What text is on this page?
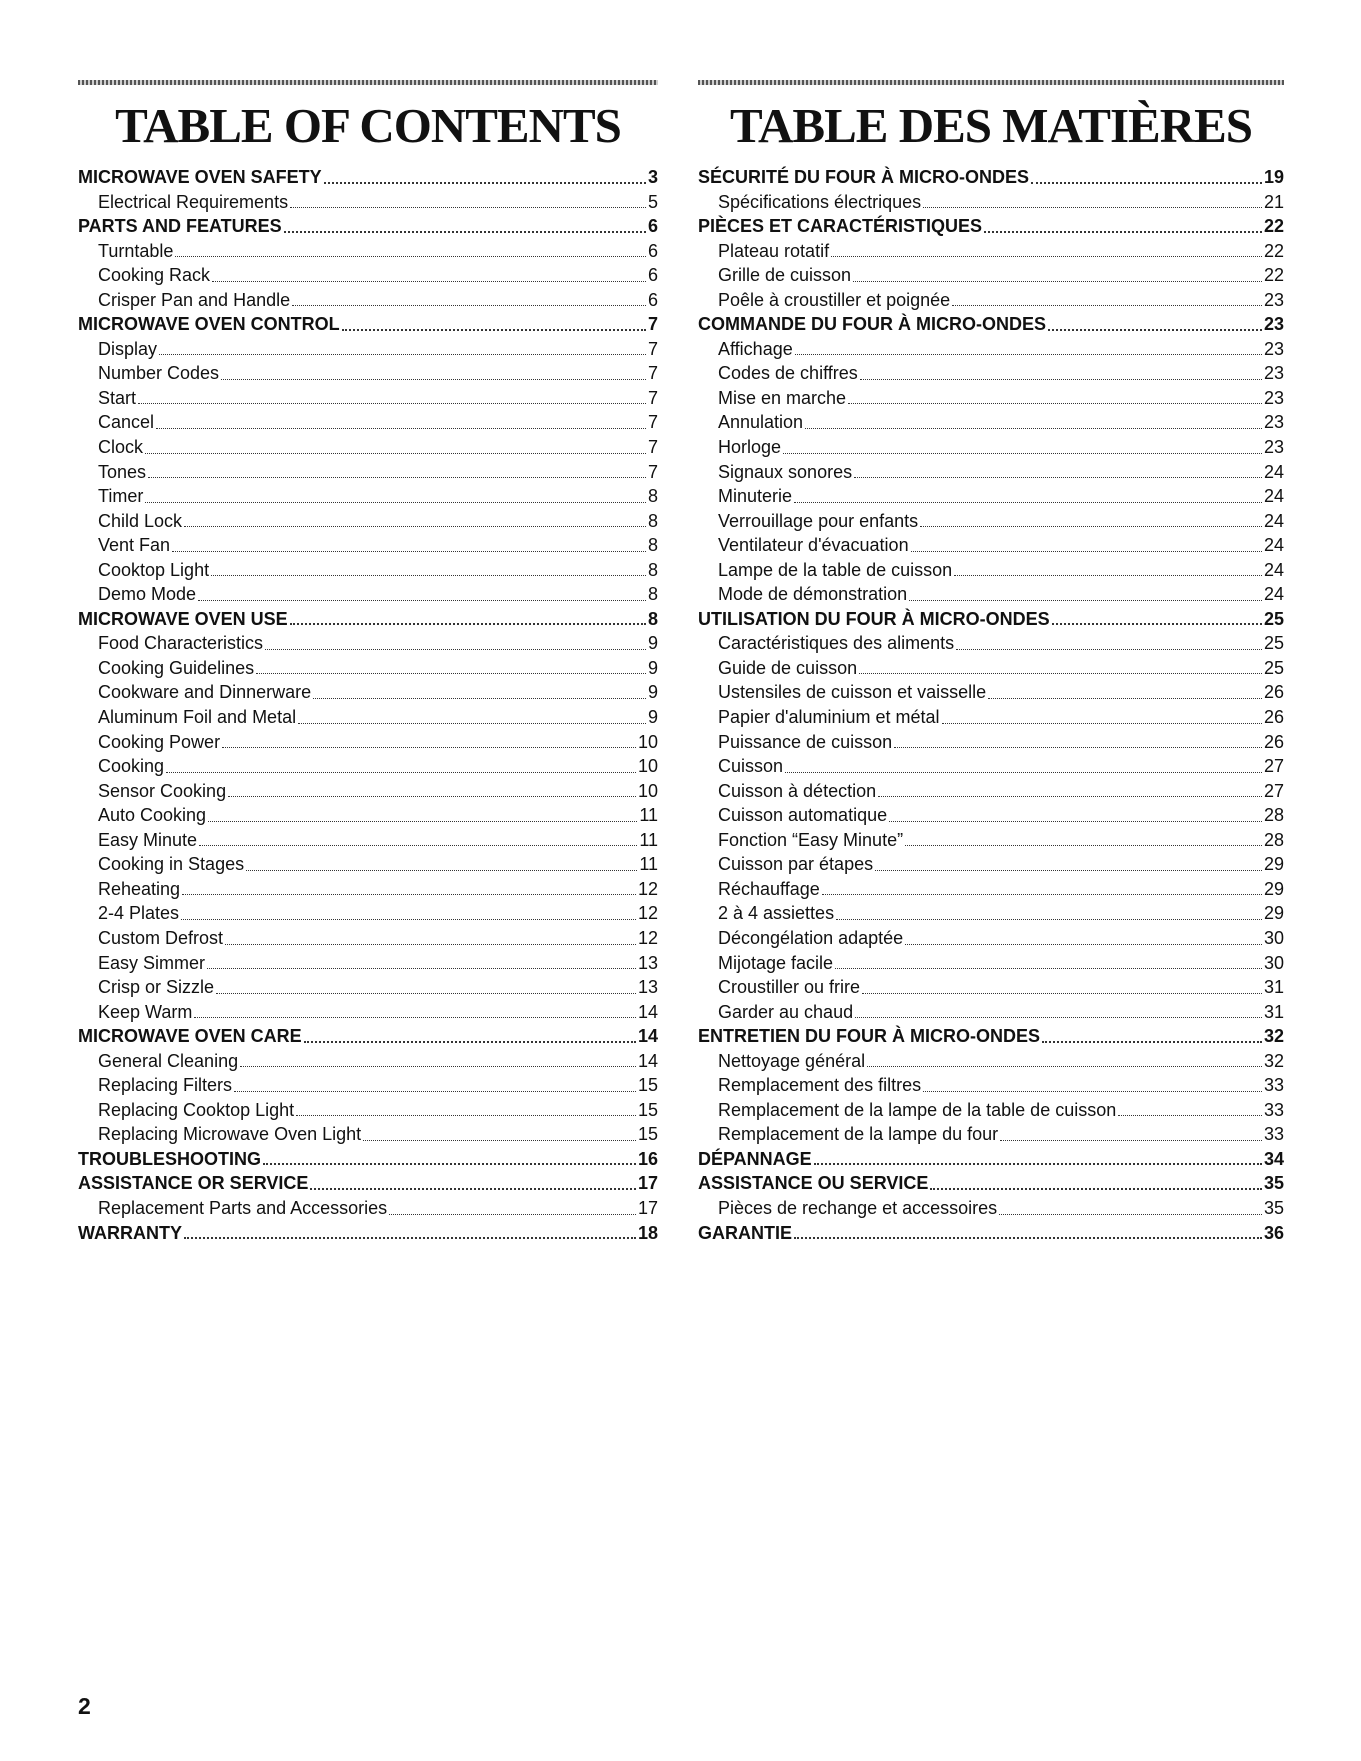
TABLE OF CONTENTS
MICROWAVE OVEN SAFETY	3
Electrical Requirements	5
PARTS AND FEATURES	6
Turntable	6
Cooking Rack	6
Crisper Pan and Handle	6
MICROWAVE OVEN CONTROL	7
Display	7
Number Codes	7
Start	7
Cancel	7
Clock	7
Tones	7
Timer	8
Child Lock	8
Vent Fan	8
Cooktop Light	8
Demo Mode	8
MICROWAVE OVEN USE	8
Food Characteristics	9
Cooking Guidelines	9
Cookware and Dinnerware	9
Aluminum Foil and Metal	9
Cooking Power	10
Cooking	10
Sensor Cooking	10
Auto Cooking	11
Easy Minute	11
Cooking in Stages	11
Reheating	12
2-4 Plates	12
Custom Defrost	12
Easy Simmer	13
Crisp or Sizzle	13
Keep Warm	14
MICROWAVE OVEN CARE	14
General Cleaning	14
Replacing Filters	15
Replacing Cooktop Light	15
Replacing Microwave Oven Light	15
TROUBLESHOOTING	16
ASSISTANCE OR SERVICE	17
Replacement Parts and Accessories	17
WARRANTY	18
TABLE DES MATIÈRES
SÉCURITÉ DU FOUR À MICRO-ONDES	19
Spécifications électriques	21
PIÈCES ET CARACTÉRISTIQUES	22
Plateau rotatif	22
Grille de cuisson	22
Poêle à croustiller et poignée	23
COMMANDE DU FOUR À MICRO-ONDES	23
Affichage	23
Codes de chiffres	23
Mise en marche	23
Annulation	23
Horloge	23
Signaux sonores	24
Minuterie	24
Verrouillage pour enfants	24
Ventilateur d'évacuation	24
Lampe de la table de cuisson	24
Mode de démonstration	24
UTILISATION DU FOUR À MICRO-ONDES	25
Caractéristiques des aliments	25
Guide de cuisson	25
Ustensiles de cuisson et vaisselle	26
Papier d'aluminium et métal	26
Puissance de cuisson	26
Cuisson	27
Cuisson à détection	27
Cuisson automatique	28
Fonction “Easy Minute”	28
Cuisson par étapes	29
Réchauffage	29
2 à 4 assiettes	29
Décongélation adaptée	30
Mijotage facile	30
Croustiller ou frire	31
Garder au chaud	31
ENTRETIEN DU FOUR À MICRO-ONDES	32
Nettoyage général	32
Remplacement des filtres	33
Remplacement de la lampe de la table de cuisson	33
Remplacement de la lampe du four	33
DÉPANNAGE	34
ASSISTANCE OU SERVICE	35
Pièces de rechange et accessoires	35
GARANTIE	36
2
